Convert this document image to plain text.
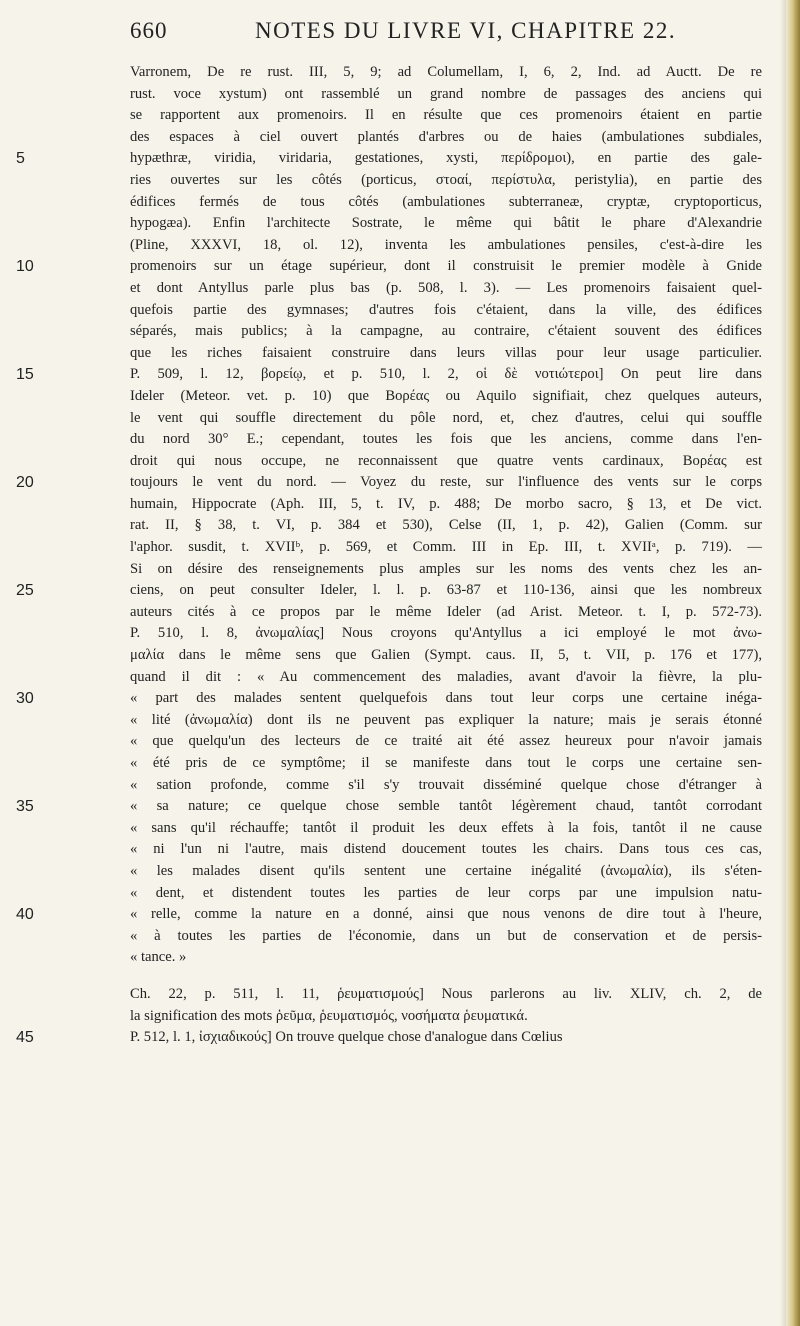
660	NOTES DU LIVRE VI, CHAPITRE 22.
Varronem, De re rust. III, 5, 9; ad Columellam, I, 6, 2, Ind. ad Auctt. De re
rust. voce xystum) ont rassemblé un grand nombre de passages des anciens qui
se rapportent aux promenoirs. Il en résulte que ces promenoirs étaient en partie
des espaces à ciel ouvert plantés d'arbres ou de haies (ambulationes subdiales,
5	hypæthræ, viridia, viridaria, gestationes, xysti, περίδρομοι), en partie des gale-
ries ouvertes sur les côtés (porticus, στοαί, περίστυλα, peristylia), en partie des
édifices fermés de tous côtés (ambulationes subterraneæ, cryptæ, cryptoporticus,
hypogæa). Enfin l'architecte Sostrate, le même qui bâtit le phare d'Alexandrie
(Pline, XXXVI, 18, ol. 12), inventa les ambulationes pensiles, c'est-à-dire les
10	promenoirs sur un étage supérieur, dont il construisit le premier modèle à Gnide
et dont Antyllus parle plus bas (p. 508, l. 3). — Les promenoirs faisaient quel-
quefois partie des gymnases; d'autres fois c'étaient, dans la ville, des édifices
séparés, mais publics; à la campagne, au contraire, c'étaient souvent des édifices
que les riches faisaient construire dans leurs villas pour leur usage particulier.
15	P. 509, l. 12, βορείῳ, et p. 510, l. 2, οἱ δὲ νοτιώτεροι] On peut lire dans
Ideler (Meteor. vet. p. 10) que Βορέας ou Aquilo signifiait, chez quelques auteurs,
le vent qui souffle directement du pôle nord, et, chez d'autres, celui qui souffle
du nord 30° E.; cependant, toutes les fois que les anciens, comme dans l'en-
droit qui nous occupe, ne reconnaissent que quatre vents cardinaux, Βορέας est
20	toujours le vent du nord. — Voyez du reste, sur l'influence des vents sur le corps
humain, Hippocrate (Aph. III, 5, t. IV, p. 488; De morbo sacro, § 13, et De vict.
rat. II, § 38, t. VI, p. 384 et 530), Celse (II, 1, p. 42), Galien (Comm. sur
l'aphor. susdit, t. XVIIᵇ, p. 569, et Comm. III in Ep. III, t. XVIIᵃ, p. 719). —
Si on désire des renseignements plus amples sur les noms des vents chez les an-
25	ciens, on peut consulter Ideler, l. l. p. 63-87 et 110-136, ainsi que les nombreux
auteurs cités à ce propos par le même Ideler (ad Arist. Meteor. t. I, p. 572-73).
P. 510, l. 8, ἀνωμαλίας] Nous croyons qu'Antyllus a ici employé le mot ἀνω-
μαλία dans le même sens que Galien (Sympt. caus. II, 5, t. VII, p. 176 et 177),
quand il dit : « Au commencement des maladies, avant d'avoir la fièvre, la plu-
30	« part des malades sentent quelquefois dans tout leur corps une certaine inéga-
« lité (ἀνωμαλία) dont ils ne peuvent pas expliquer la nature; mais je serais étonné
« que quelqu'un des lecteurs de ce traité ait été assez heureux pour n'avoir jamais
« été pris de ce symptôme; il se manifeste dans tout le corps une certaine sen-
« sation profonde, comme s'il s'y trouvait disséminé quelque chose d'étranger à
35	« sa nature; ce quelque chose semble tantôt légèrement chaud, tantôt corrodant
« sans qu'il réchauffe; tantôt il produit les deux effets à la fois, tantôt il ne cause
« ni l'un ni l'autre, mais distend doucement toutes les chairs. Dans tous ces cas,
« les malades disent qu'ils sentent une certaine inégalité (ἀνωμαλία), ils s'éten-
« dent, et distendent toutes les parties de leur corps par une impulsion natu-
40	« relle, comme la nature en a donné, ainsi que nous venons de dire tout à l'heure,
« à toutes les parties de l'économie, dans un but de conservation et de persis-
« tance. »
Ch. 22, p. 511, l. 11, ῥευματισμούς] Nous parlerons au liv. XLIV, ch. 2, de
la signification des mots ῥεῦμα, ῥευματισμός, νοσήματα ῥευματικά.
45	P. 512, l. 1, ἰσχιαδικούς] On trouve quelque chose d'analogue dans Cœlius
